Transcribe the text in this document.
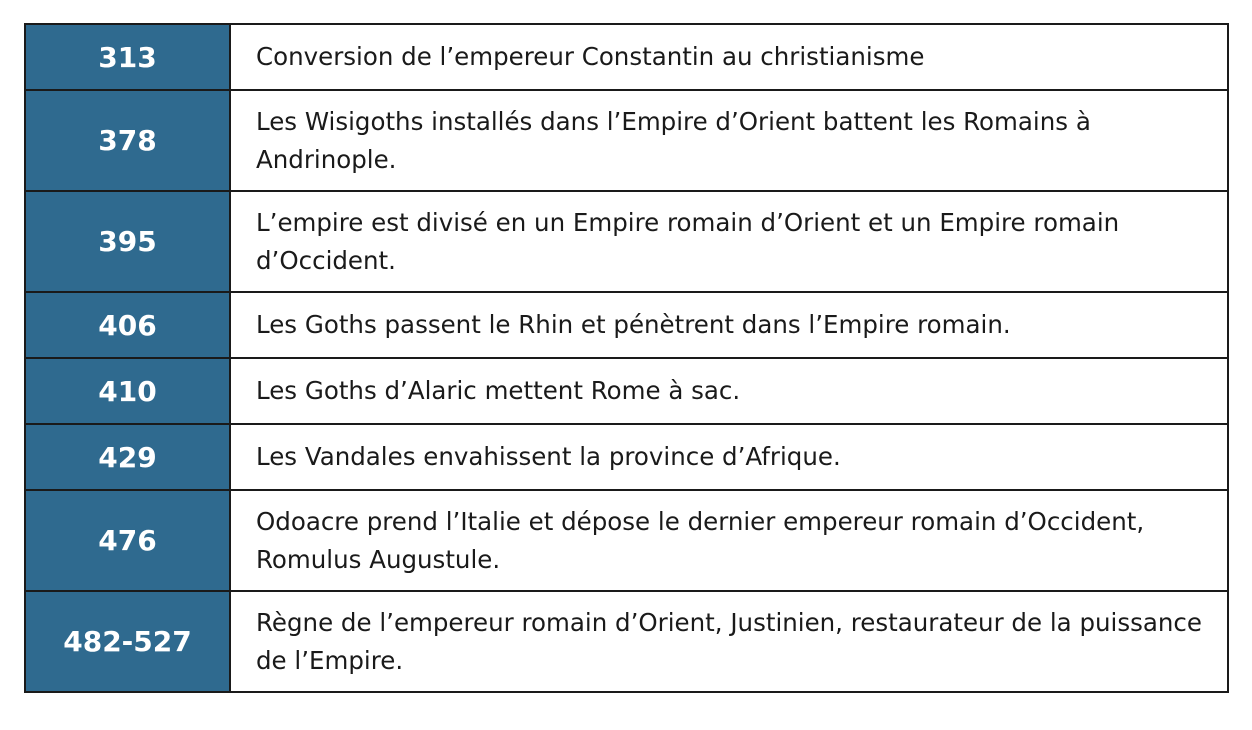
313	Conversion de l’empereur Constantin au christianisme
378	Les Wisigoths installés dans l’Empire d’Orient battent les Romains à Andrinople.
395	L’empire est divisé en un Empire romain d’Orient et un Empire romain d’Occident.
406	Les Goths passent le Rhin et pénètrent dans l’Empire romain.
410	Les Goths d’Alaric mettent Rome à sac.
429	Les Vandales envahissent la province d’Afrique.
476	Odoacre prend l’Italie et dépose le dernier empereur romain d’Occident, Romulus Augustule.
482-527	Règne de l’empereur romain d’Orient, Justinien, restaurateur de la puissance de l’Empire.
